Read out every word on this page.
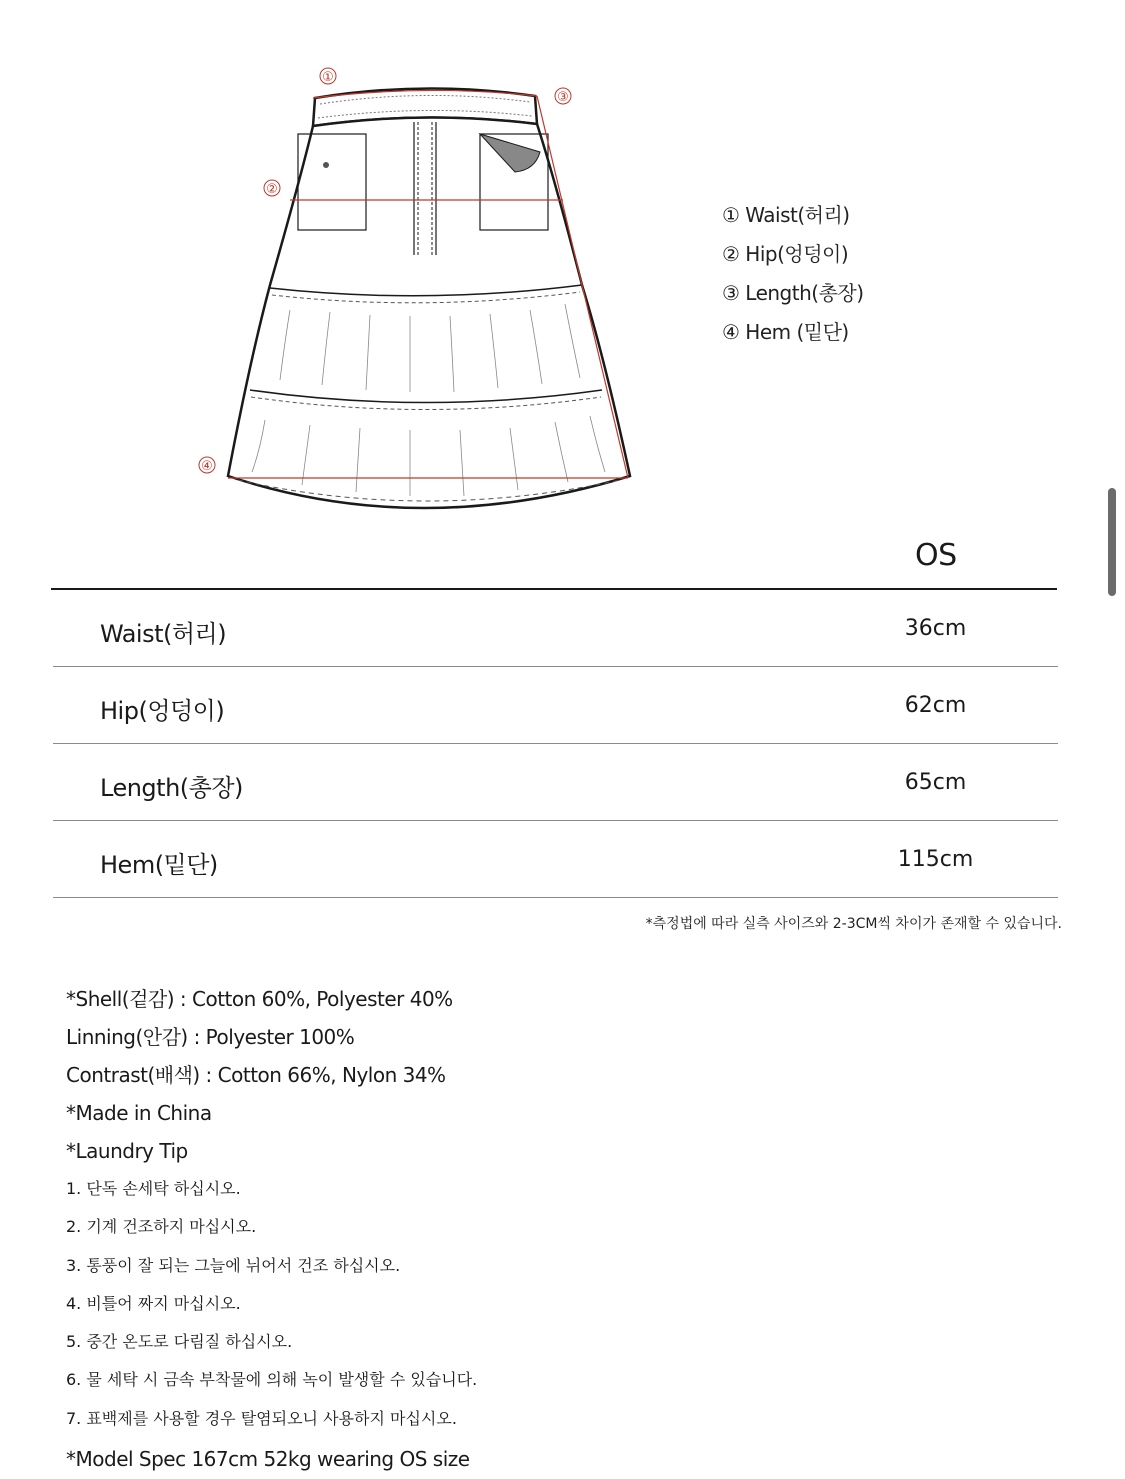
①
②
③
④
① Waist(허리)
② Hip(엉덩이)
③ Length(총장)
④ Hem (밑단)
OS
Waist(허리)	36cm
Hip(엉덩이)	62cm
Length(총장)	65cm
Hem(밑단)	115cm
*측정법에 따라 실측 사이즈와 2-3CM씩 차이가 존재할 수 있습니다.
*Shell(겉감) : Cotton 60%, Polyester 40%
Linning(안감) : Polyester 100%
Contrast(배색) : Cotton 66%, Nylon 34%
*Made in China
*Laundry Tip
1. 단독 손세탁 하십시오.
2. 기계 건조하지 마십시오.
3. 통풍이 잘 되는 그늘에 뉘어서 건조 하십시오.
4. 비틀어 짜지 마십시오.
5. 중간 온도로 다림질 하십시오.
6. 물 세탁 시 금속 부착물에 의해 녹이 발생할 수 있습니다.
7. 표백제를 사용할 경우 탈염되오니 사용하지 마십시오.
*Model Spec 167cm 52kg wearing OS size
